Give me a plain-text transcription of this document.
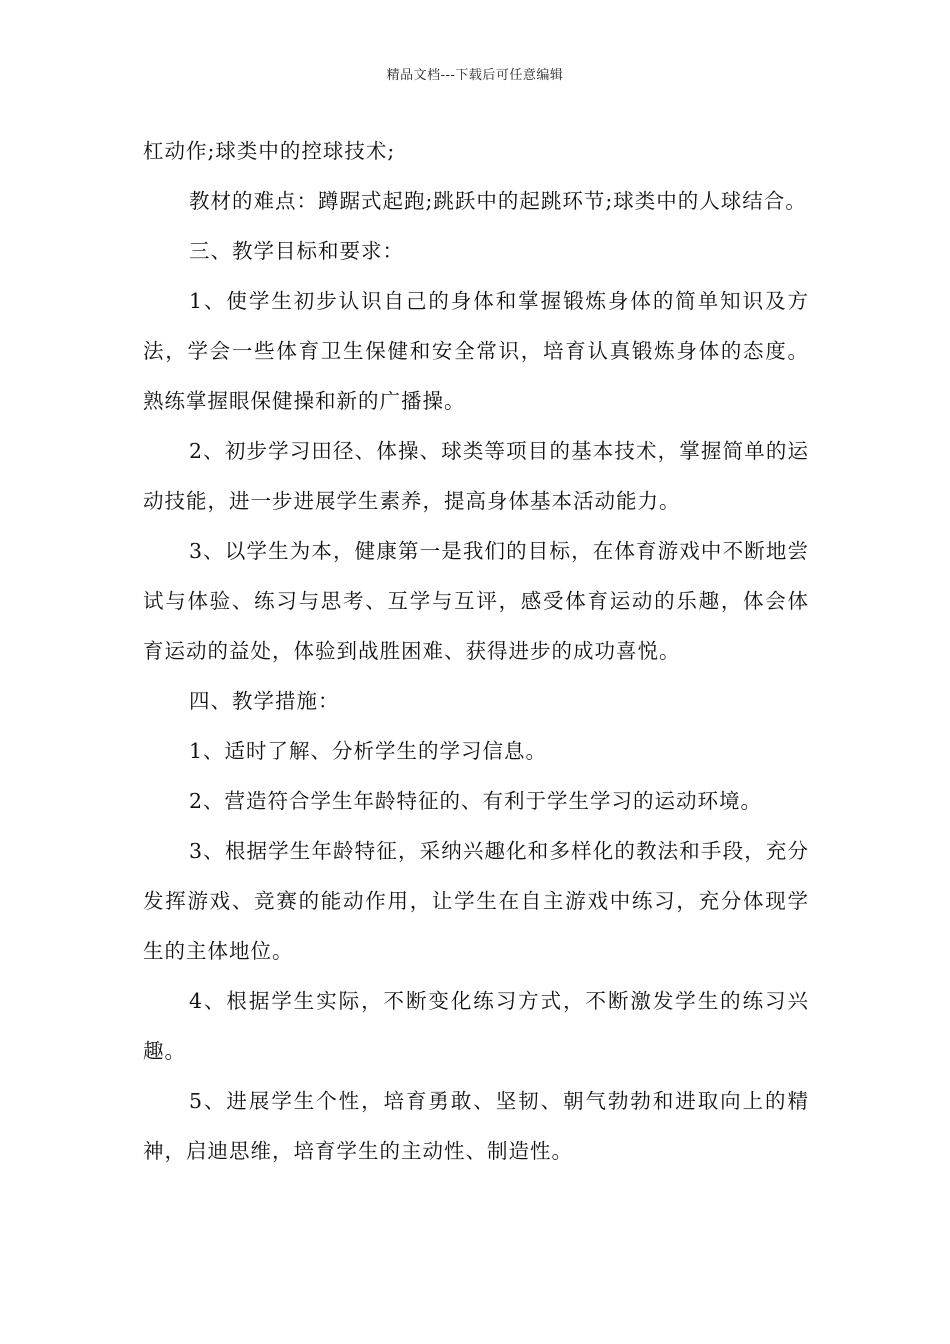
精品文档---下载后可任意编辑

杠动作;球类中的控球技术;

教材的难点：蹲踞式起跑;跳跃中的起跳环节;球类中的人球结合。

三、教学目标和要求：

1、使学生初步认识自己的身体和掌握锻炼身体的简单知识及方法，学会一些体育卫生保健和安全常识，培育认真锻炼身体的态度。熟练掌握眼保健操和新的广播操。

2、初步学习田径、体操、球类等项目的基本技术，掌握简单的运动技能，进一步进展学生素养，提高身体基本活动能力。

3、以学生为本，健康第一是我们的目标，在体育游戏中不断地尝试与体验、练习与思考、互学与互评，感受体育运动的乐趣，体会体育运动的益处，体验到战胜困难、获得进步的成功喜悦。

四、教学措施：

1、适时了解、分析学生的学习信息。

2、营造符合学生年龄特征的、有利于学生学习的运动环境。

3、根据学生年龄特征，采纳兴趣化和多样化的教法和手段，充分发挥游戏、竞赛的能动作用，让学生在自主游戏中练习，充分体现学生的主体地位。

4、根据学生实际，不断变化练习方式，不断激发学生的练习兴趣。

5、进展学生个性，培育勇敢、坚韧、朝气勃勃和进取向上的精神，启迪思维，培育学生的主动性、制造性。
